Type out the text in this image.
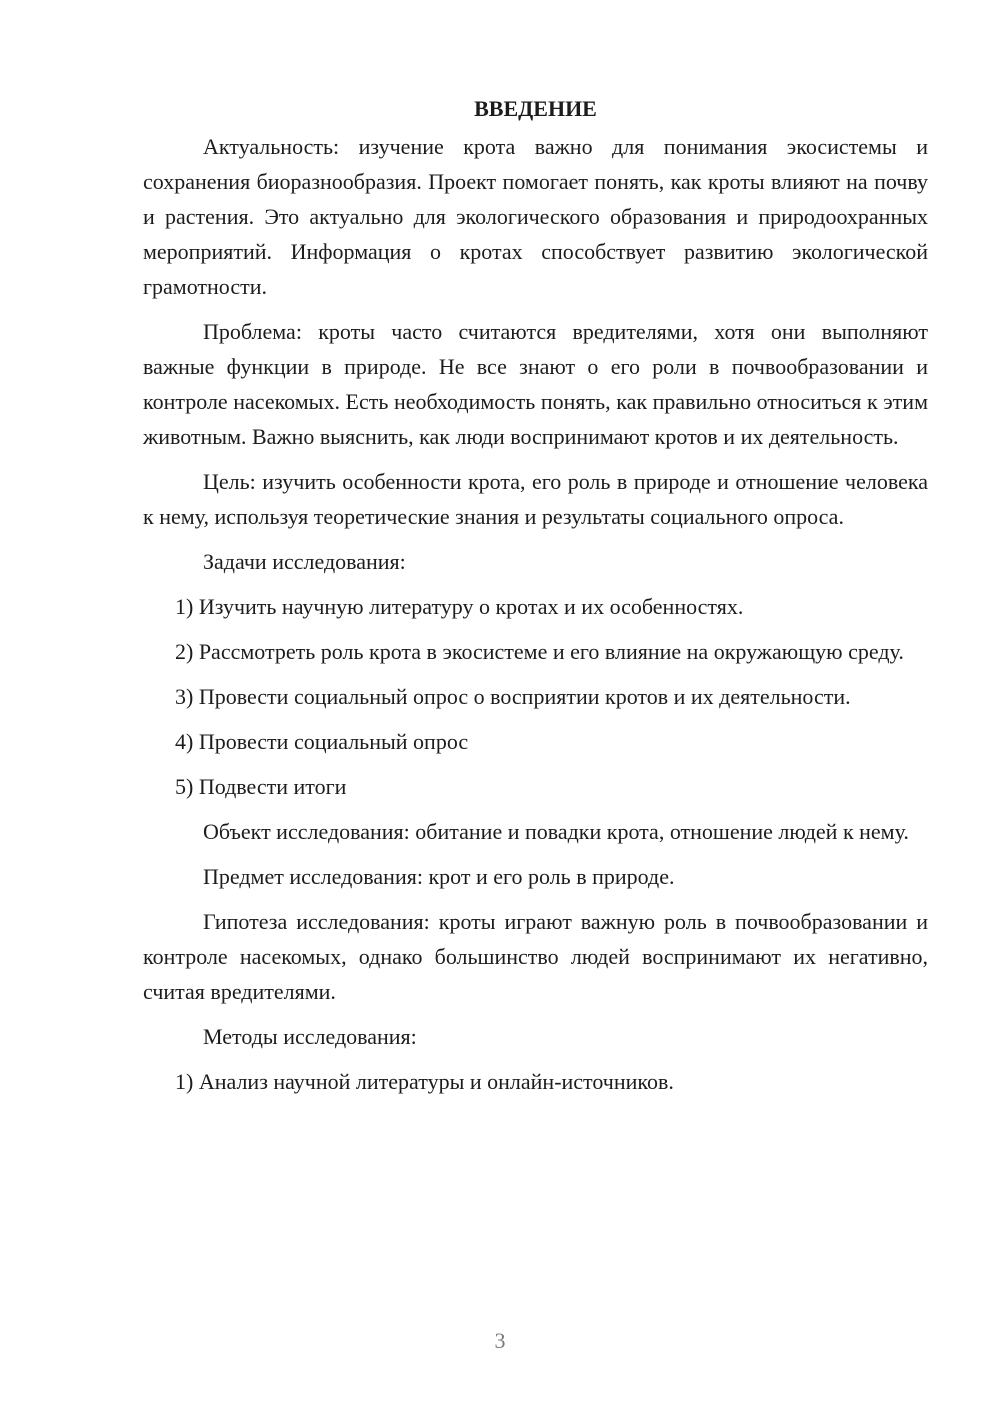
ВВЕДЕНИЕ

Актуальность: изучение крота важно для понимания экосистемы и сохранения биоразнообразия. Проект помогает понять, как кроты влияют на почву и растения. Это актуально для экологического образования и природоохранных мероприятий. Информация о кротах способствует развитию экологической грамотности.

Проблема: кроты часто считаются вредителями, хотя они выполняют важные функции в природе. Не все знают о его роли в почвообразовании и контроле насекомых. Есть необходимость понять, как правильно относиться к этим животным. Важно выяснить, как люди воспринимают кротов и их деятельность.

Цель: изучить особенности крота, его роль в природе и отношение человека к нему, используя теоретические знания и результаты социального опроса.

Задачи исследования:

1) Изучить научную литературу о кротах и их особенностях.

2) Рассмотреть роль крота в экосистеме и его влияние на окружающую среду.

3) Провести социальный опрос о восприятии кротов и их деятельности.

4) Провести социальный опрос

5) Подвести итоги

Объект исследования: обитание и повадки крота, отношение людей к нему.

Предмет исследования: крот и его роль в природе.

Гипотеза исследования: кроты играют важную роль в почвообразовании и контроле насекомых, однако большинство людей воспринимают их негативно, считая вредителями.

Методы исследования:

1) Анализ научной литературы и онлайн-источников.

3
